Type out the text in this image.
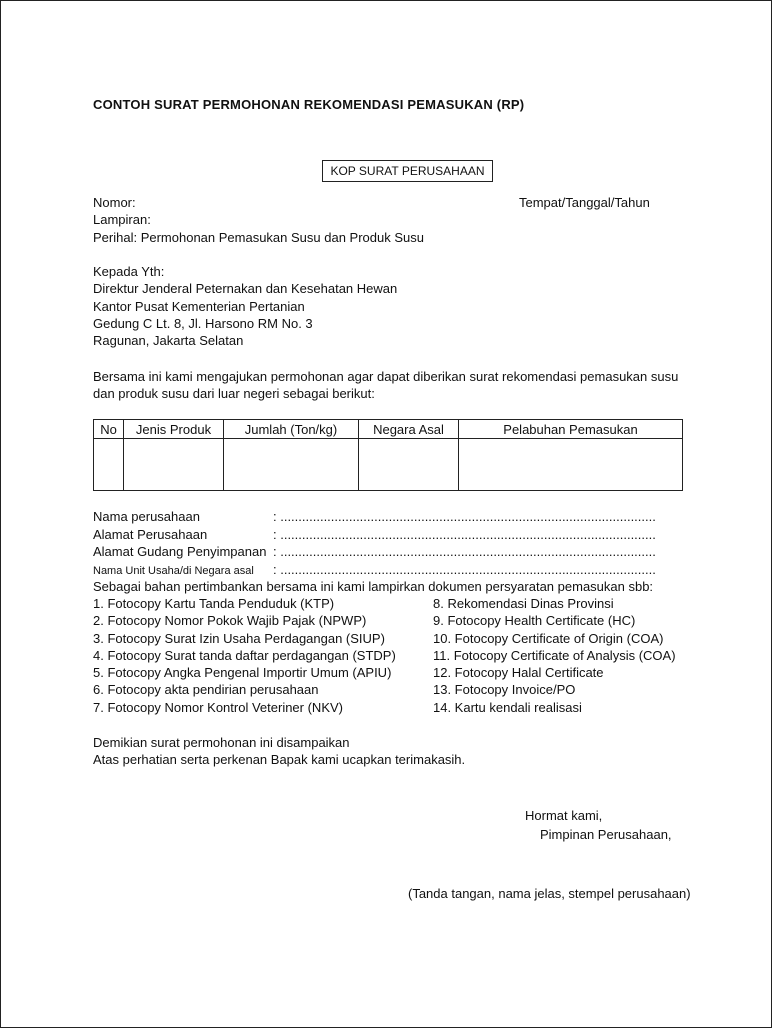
CONTOH SURAT PERMOHONAN REKOMENDASI PEMASUKAN (RP)
KOP SURAT PERUSAHAAN
Nomor:
Lampiran:
Perihal: Permohonan Pemasukan Susu dan Produk Susu
Tempat/Tanggal/Tahun
Kepada Yth:
Direktur Jenderal Peternakan dan Kesehatan Hewan
Kantor Pusat Kementerian Pertanian
Gedung C Lt. 8, Jl. Harsono RM No. 3
Ragunan, Jakarta Selatan
Bersama ini kami mengajukan permohonan agar dapat diberikan surat rekomendasi pemasukan susu
dan produk susu dari luar negeri sebagai berikut:
No	Jenis Produk	Jumlah (Ton/kg)	Negara Asal	Pelabuhan Pemasukan

Nama perusahaan	: ........................................................................................................
Alamat Perusahaan	: ........................................................................................................
Alamat Gudang Penyimpanan : ........................................................................................................
Nama Unit Usaha/di Negara asal : ........................................................................................................
Sebagai bahan pertimbankan bersama ini kami lampirkan dokumen persyaratan pemasukan sbb:
1. Fotocopy Kartu Tanda Penduduk (KTP)
2. Fotocopy Nomor Pokok Wajib Pajak (NPWP)
3. Fotocopy Surat Izin Usaha Perdagangan (SIUP)
4. Fotocopy Surat tanda daftar perdagangan (STDP)
5. Fotocopy Angka Pengenal Importir Umum (APIU)
6. Fotocopy akta pendirian perusahaan
7. Fotocopy Nomor Kontrol Veteriner (NKV)
8. Rekomendasi Dinas Provinsi
9. Fotocopy Health Certificate (HC)
10. Fotocopy Certificate of Origin (COA)
11. Fotocopy Certificate of Analysis (COA)
12. Fotocopy Halal Certificate
13. Fotocopy Invoice/PO
14. Kartu kendali realisasi
Demikian surat permohonan ini disampaikan
Atas perhatian serta perkenan Bapak kami ucapkan terimakasih.
Hormat kami,
Pimpinan Perusahaan,
(Tanda tangan, nama jelas, stempel perusahaan)
